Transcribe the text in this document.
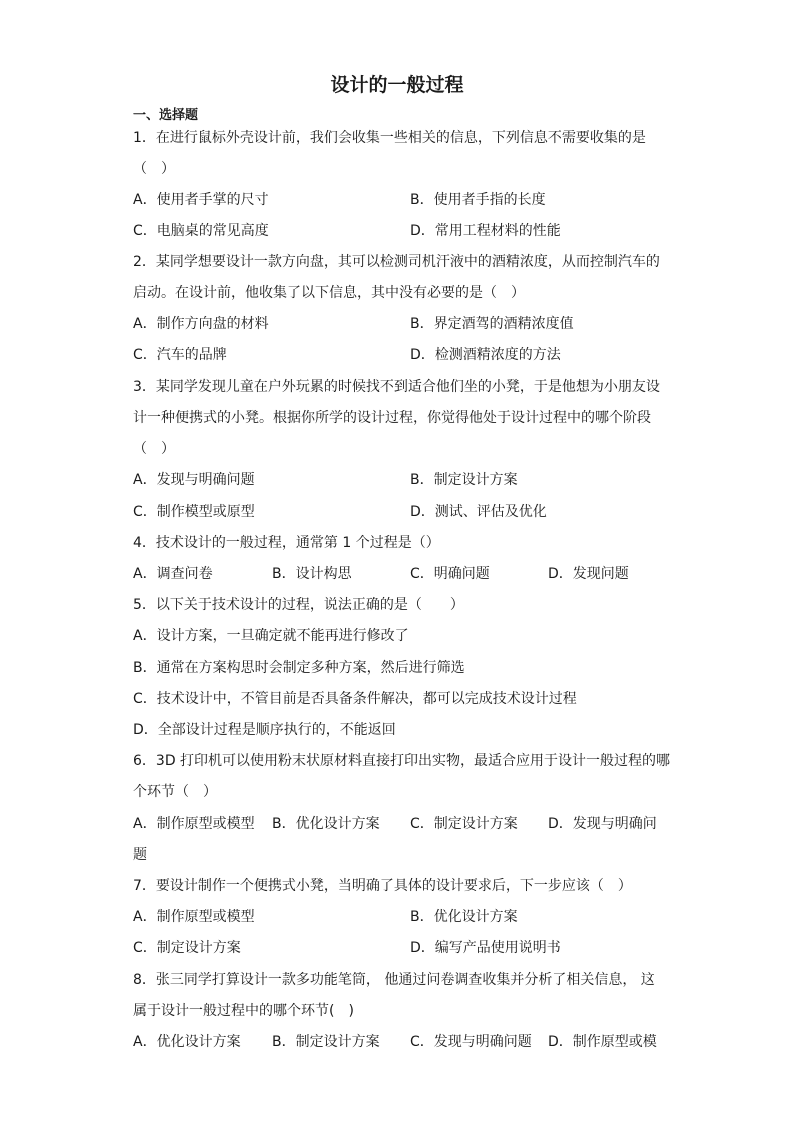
设计的一般过程
一、选择题
1．在进行鼠标外壳设计前，我们会收集一些相关的信息，下列信息不需要收集的是
（　）
A．使用者手掌的尺寸	B．使用者手指的长度
C．电脑桌的常见高度	D．常用工程材料的性能
2．某同学想要设计一款方向盘，其可以检测司机汗液中的酒精浓度，从而控制汽车的
启动。在设计前，他收集了以下信息，其中没有必要的是（　）
A．制作方向盘的材料	B．界定酒驾的酒精浓度值
C．汽车的品牌	D．检测酒精浓度的方法
3．某同学发现儿童在户外玩累的时候找不到适合他们坐的小凳，于是他想为小朋友设
计一种便携式的小凳。根据你所学的设计过程，你觉得他处于设计过程中的哪个阶段
（　）
A．发现与明确问题	B．制定设计方案
C．制作模型或原型	D．测试、评估及优化
4．技术设计的一般过程，通常第 1 个过程是（）
A．调查问卷	B．设计构思	C．明确问题	D．发现问题
5．以下关于技术设计的过程，说法正确的是（　　）
A．设计方案，一旦确定就不能再进行修改了
B．通常在方案构思时会制定多种方案，然后进行筛选
C．技术设计中，不管目前是否具备条件解决，都可以完成技术设计过程
D．全部设计过程是顺序执行的，不能返回
6．3D 打印机可以使用粉末状原材料直接打印出实物，最适合应用于设计一般过程的哪
个环节（　）
A．制作原型或模型 B．优化设计方案 C．制定设计方案 D．发现与明确问
题
7．要设计制作一个便携式小凳，当明确了具体的设计要求后，下一步应该（　）
A．制作原型或模型	B．优化设计方案
C．制定设计方案	D．编写产品使用说明书
8．张三同学打算设计一款多功能笔筒， 他通过问卷调查收集并分析了相关信息， 这
属于设计一般过程中的哪个环节(　)
A．优化设计方案 B．制定设计方案 C．发现与明确问题 D．制作原型或模
